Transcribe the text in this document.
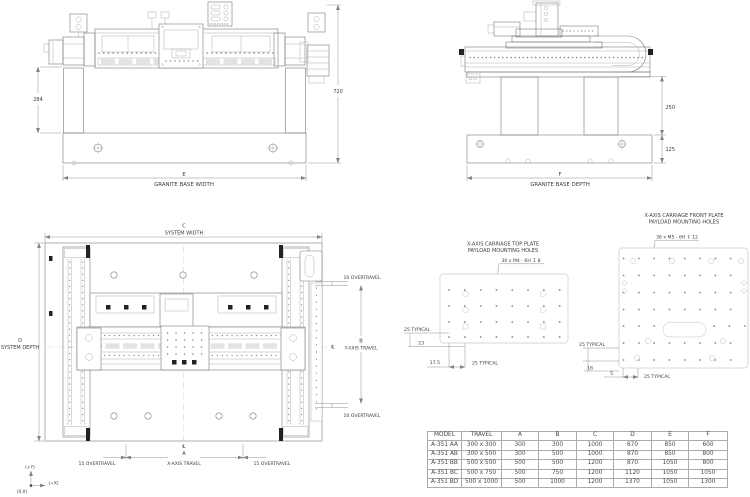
284
720
E
GRANITE BASE WIDTH
250
125
F
GRANITE BASE DEPTH
C
SYSTEM WIDTH
D
SYSTEM DEPTH
10 OVERTRAVEL
℄
B
Y-AXIS TRAVEL
10 OVERTRAVEL
℄
A
X-AXIS TRAVEL
15 OVERTRAVEL	15 OVERTRAVEL
(+Y)
(+X)
(0,0)
X-AXIS CARRIAGE TOP PLATE
PAYLOAD MOUNTING HOLES
30 x M4 - 6H ↧ 8
25 TYPICAL
23
17.5	25 TYPICAL
X-AXIS CARRIAGE FRONT PLATE
PAYLOAD MOUNTING HOLES
36 x M5 - 6H ↧ 12
25 TYPICAL
16
5
25 TYPICAL
MODEL	TRAVEL	A	B	C	D	E	F
A-351 AA	300 x 300	300	300	1000	670	850	600
A-351 AB	300 x 500	300	500	1000	870	850	800
A-351 BB	500 x 500	500	500	1200	870	1050	800
A-351 BC	500 x 750	500	750	1200	1120	1050	1050
A-351 BD	500 x 1000	500	1000	1200	1370	1050	1300
